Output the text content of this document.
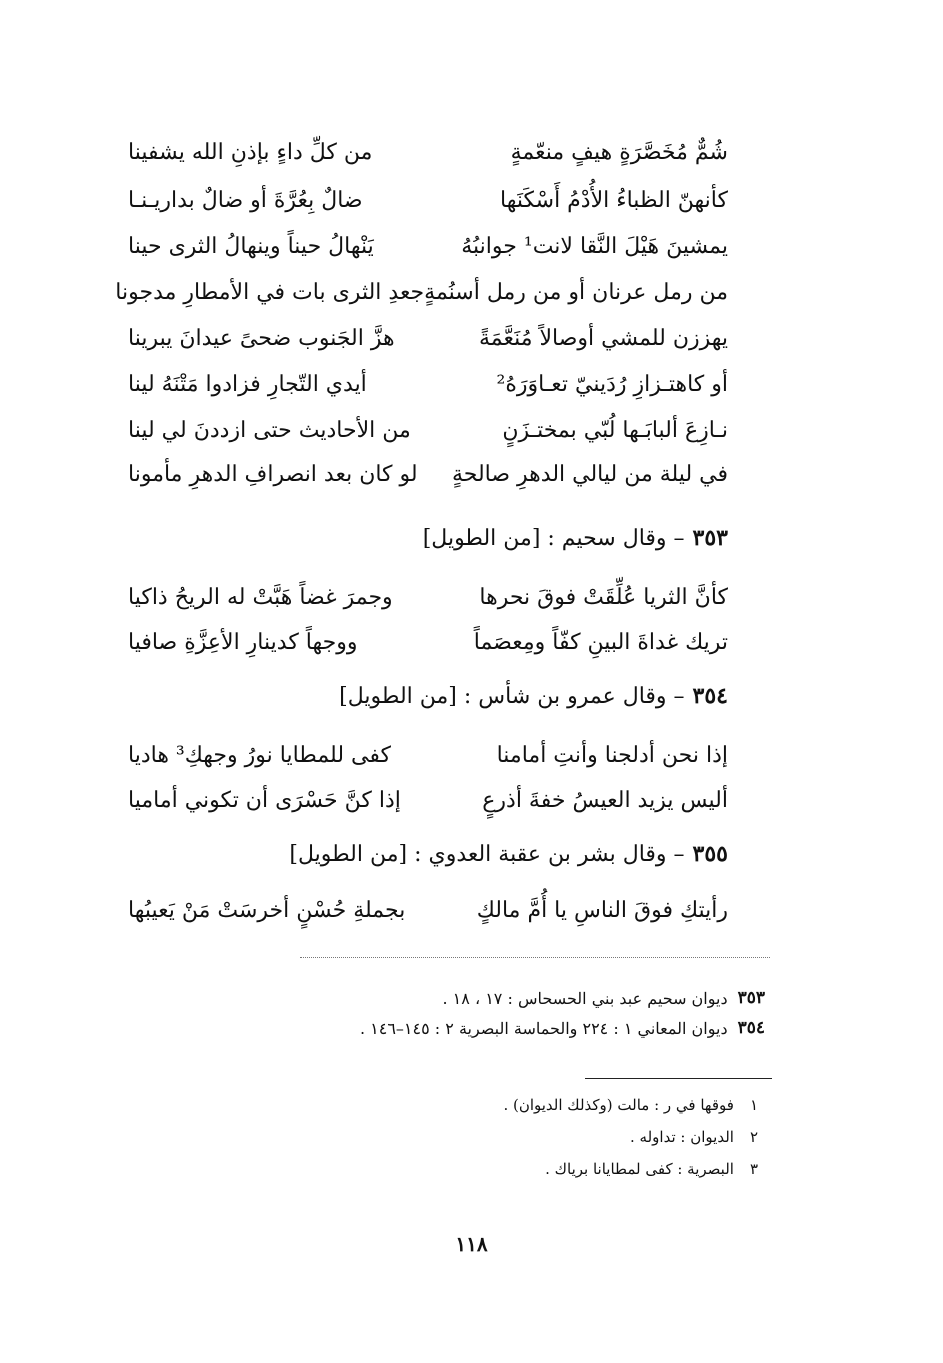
شُمٌّ مُخَصَّرَةٍ هيفٍ منعّمةٍ
من كلِّ داءٍ بإذنِ الله يشفينا
كأنهنّ الظباءُ الأُدْمُ أَسْكَنَها
ضالٌ بِعُرَّةَ أو ضالٌ بداريـنـا
يمشينَ هَيْلَ النَّقا لانت¹ جوانبُهُ
يَنْهالُ حيناً وينهالُ الثرى حينا
من رمل عرنان أو من رمل أسنُمةٍ
جعدِ الثرى بات في الأمطارِ مدجونا
يهززن للمشي أوصالاً مُنَعَّمَةً
هزَّ الجَنوب ضحىً عيدانَ يبرينا
أو كاهتـزازِ رُدَينيّ تعـاوَرَهُ²
أيدي التّجارِ فزادوا مَتْنَهُ لينا
نـازِعَ ألبابَـها لُبّي بمختـزَنٍ
من الأحاديث حتى ازددنَ لي لينا
في ليلة من ليالي الدهرِ صالحةٍ
لو كان بعد انصرافِ الدهرِ مأمونا
٣٥٣
– وقال سحيم : [من الطويل]
كأنَّ الثريا عُلِّقَتْ فوقَ نحرها
وجمرَ غضاً هَبَّتْ له الريحُ ذاكيا
تريك غداةَ البينِ كفّاً ومِعصَماً
ووجهاً كدينارِ الأعِزَّةِ صافيا
٣٥٤
– وقال عمرو بن شأس : [من الطويل]
إذا نحن أدلجنا وأنتِ أمامنا
كفى للمطايا نورُ وجهكِ³ هاديا
أليس يزيد العيسُ خفةَ أذرعٍ
إذا كنَّ حَسْرَى أن تكوني أماميا
٣٥٥
– وقال بشر بن عقبة العدوي : [من الطويل]
رأيتكِ فوقَ الناسِ يا أُمَّ مالكٍ
بجملةِ حُسْنٍ أخرسَتْ مَنْ يَعيبُها
٣٥٣
ديوان سحيم عبد بني الحسحاس : ١٧ ، ١٨ .
٣٥٤
ديوان المعاني ١ : ٢٢٤ والحماسة البصرية ٢ : ١٤٥–١٤٦ .
١
فوقها في ر : مالت (وكذلك الديوان) .
٢
الديوان : تداوله .
٣
البصرية : كفى لمطايانا برياك .
١١٨
